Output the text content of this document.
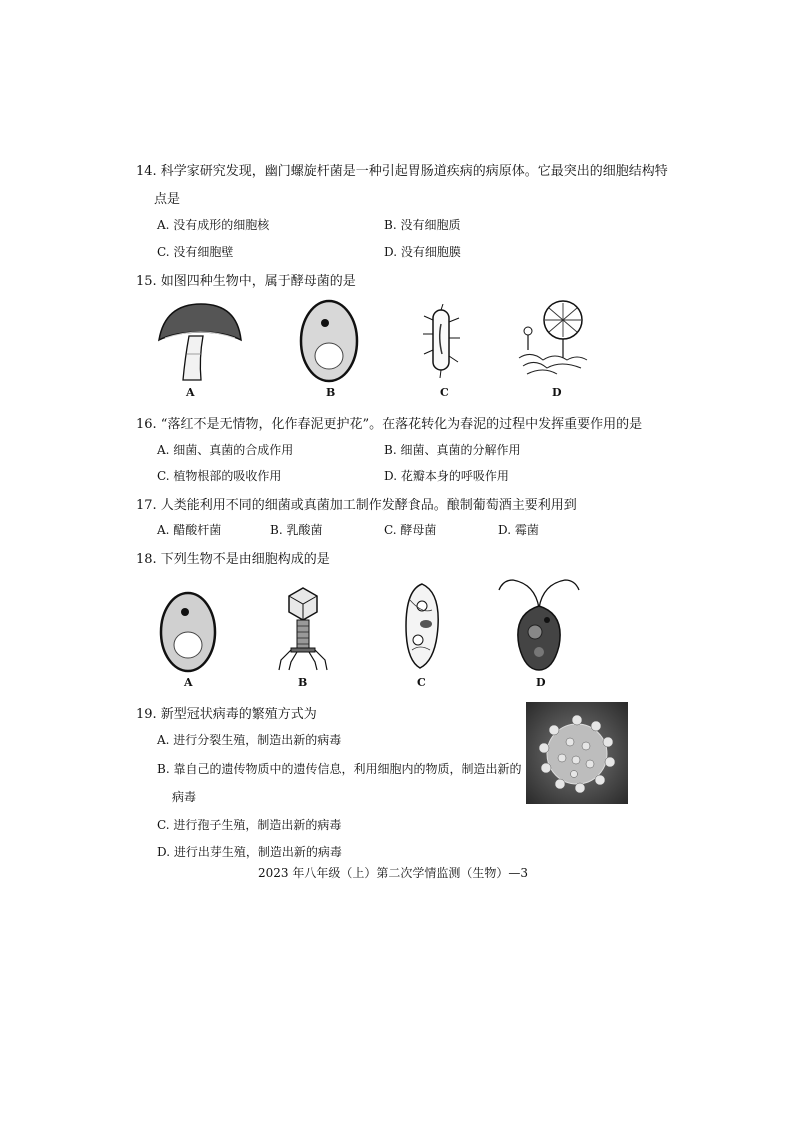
14. 科学家研究发现，幽门螺旋杆菌是一种引起胃肠道疾病的病原体。它最突出的细胞结构特
点是
A. 没有成形的细胞核	B. 没有细胞质
C. 没有细胞壁	D. 没有细胞膜
15. 如图四种生物中，属于酵母菌的是
A	B	C	D
16. “落红不是无情物，化作春泥更护花”。在落花转化为春泥的过程中发挥重要作用的是
A. 细菌、真菌的合成作用	B. 细菌、真菌的分解作用
C. 植物根部的吸收作用	D. 花瓣本身的呼吸作用
17. 人类能利用不同的细菌或真菌加工制作发酵食品。酿制葡萄酒主要利用到
A. 醋酸杆菌	B. 乳酸菌	C. 酵母菌	D. 霉菌
18. 下列生物不是由细胞构成的是
A	B	C	D
19. 新型冠状病毒的繁殖方式为
A. 进行分裂生殖，制造出新的病毒
B. 靠自己的遗传物质中的遗传信息，利用细胞内的物质，制造出新的
病毒
C. 进行孢子生殖，制造出新的病毒
D. 进行出芽生殖，制造出新的病毒
2023 年八年级（上）第二次学情监测（生物）—3
